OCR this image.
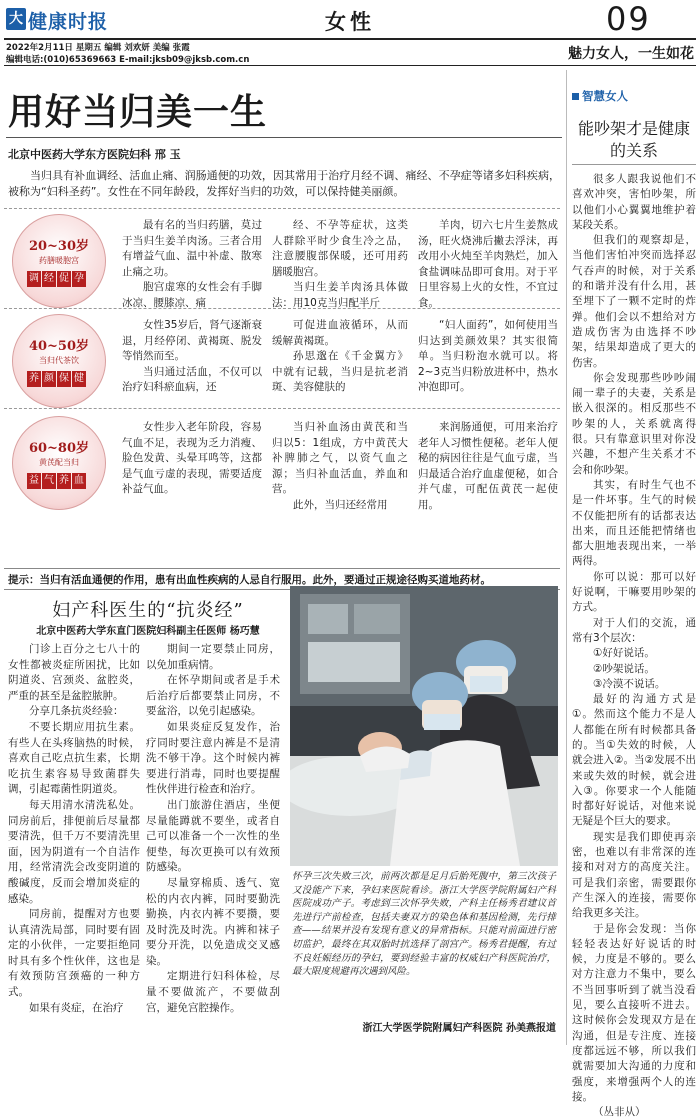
大 健康时报	女性	09
2022年2月11日 星期五 编辑 刘欢妍 美编 张霞
编辑电话:(010)65369663 E-mail:jksb09@jksb.com.cn	魅力女人，一生如花
用好当归美一生
北京中医药大学东方医院妇科 邢 玉
当归具有补血调经、活血止痛、润肠通便的功效，因其常用于治疗月经不调、痛经、不孕症等诸多妇科疾病，被称为“妇科圣药”。女性在不同年龄段，发挥好当归的功效，可以保持健美丽颜。
20~30岁
药膳暖胞宫
调 经 促 孕

最有名的当归药膳，莫过于当归生姜羊肉汤。三者合用有增益气血、温中补虚、散寒止痛之功。

胞宫虚寒的女性会有手脚冰凉、腰膝凉、痛

经、不孕等症状，这类人群除平时少食生冷之品，注意腰腹部保暖，还可用药膳暖胞宫。

当归生姜羊肉汤具体做法：用10克当归配半斤

羊肉，切六七片生姜熬成汤，旺火烧沸后撇去浮沫，再改用小火炖至羊肉熟烂，加入食盐调味品即可食用。对于平日里容易上火的女性，不宜过食。

40~50岁
当归代茶饮
养 颜 保 健

女性35岁后，肾气逐渐衰退，月经停闭、黄褐斑、脱发等悄然而至。

当归通过活血，不仅可以治疗妇科瘀血病，还

可促进血液循环，从而缓解黄褐斑。

孙思邈在《千金翼方》中就有记载，当归是抗老消斑、美容健肤的

“妇人面药”，如何使用当归达到美颜效果？其实很简单。当归粉泡水就可以。将2~3克当归粉放进杯中，热水冲泡即可。

60~80岁
黄芪配当归
益 气 养 血

女性步入老年阶段，容易气血不足，表现为乏力消瘦、脸色发黄、头晕耳鸣等，这都是气血亏虚的表现，需要适度补益气血。

当归补血汤由黄芪和当归以5：1组成，方中黄芪大补脾肺之气，以资气血之源；当归补血活血，养血和营。

此外，当归还经常用

来润肠通便，可用来治疗老年人习惯性便秘。老年人便秘的病因往往是气血亏虚，当归最适合治疗血虚便秘，如合并气虚，可配伍黄芪一起使用。

提示：当归有活血通便的作用，患有出血性疾病的人忌自行服用。此外，要通过正规途径购买道地药材。
妇产科医生的“抗炎经”
北京中医药大学东直门医院妇科副主任医师 杨巧慧

门诊上百分之七八十的女性都被炎症所困扰，比如阴道炎、宫颈炎、盆腔炎，严重的甚至是盆腔脓肿。

分享几条抗炎经验：

不要长期应用抗生素。有些人在头疼脑热的时候，喜欢自己吃点抗生素，长期吃抗生素容易导致菌群失调，引起霉菌性阴道炎。

每天用清水清洗私处。同房前后，排便前后尽量都要清洗，但千万不要清洗里面，因为阴道有一个自洁作用，经常清洗会改变阴道的酸碱度，反而会增加炎症的感染。

同房前，提醒对方也要认真清洗局部，同时要有固定的小伙伴，一定要拒绝同时具有多个性伙伴，这也是有效预防宫颈癌的一种方式。

如果有炎症，在治疗

期间一定要禁止同房，以免加重病情。

在怀孕期间或者是手术后治疗后都要禁止同房，不要盆浴，以免引起感染。

如果炎症反复发作，治疗同时要注意内裤是不是清洗不够干净。这个时候内裤要进行消毒，同时也要提醒性伙伴进行检查和治疗。

出门旅游住酒店，坐便尽量能蹲就不要坐，或者自己可以准备一个一次性的坐便垫，每次更换可以有效预防感染。

尽量穿棉质、透气、宽松的内衣内裤，同时要勤洗勤换，内衣内裤不要攒，要及时洗及时洗。内裤和袜子要分开洗，以免造成交叉感染。

定期进行妇科体检，尽量不要做流产，不要做刮宫，避免宫腔操作。

怀孕三次失败三次，前两次都是足月后胎死腹中，第三次孩子又没能产下来，孕妇来医院看诊。浙江大学医学院附属妇产科医院成功产子。考虑到三次怀孕失败，产科主任杨秀君建议首先进行产前检查，包括夫妻双方的染色体和基因检测，先行排查——结果并没有发现有意义的异常指标。只能对前面进行密切监护，最终在其双胎时抗选择了剖宫产。杨秀君提醒，有过不良妊娠经历的孕妇，要到经验丰富的权威妇产科医院治疗，最大限度规避再次遇到风险。
浙江大学医学院附属妇产科医院 孙美燕报道
智慧女人
能吵架才是健康的关系

很多人跟我说他们不喜欢冲突，害怕吵架，所以他们小心翼翼地维护着某段关系。

但我们的观察却是，当他们害怕冲突而选择忍气吞声的时候，对于关系的和谐并没有什么用，甚至埋下了一颗不定时的炸弹。他们会以不想给对方造成伤害为由选择不吵架，结果却造成了更大的伤害。

你会发现那些吵吵闹闹一辈子的夫妻，关系是嵌入很深的。相反那些不吵架的人，关系就离得很。只有靠意识里对你没兴趣，不想产生关系才不会和你吵架。

其实，有时生气也不是一件坏事。生气的时候不仅能把所有的话都表达出来，而且还能把情绪也都大胆地表现出来，一举两得。

你可以说：那可以好好说啊，干嘛要用吵架的方式。

对于人们的交流，通常有3个层次：

①好好说话。

②吵架说话。

③冷漠不说话。

最好的沟通方式是①。然而这个能力不是人人都能在所有时候都具备的。当①失效的时候，人就会进入②。当②发展不出来或失效的时候，就会进入③。你要求一个人能随时都好好说话，对他来说无疑是个巨大的要求。

现实是我们即使再亲密，也难以有非常深的连接和对对方的高度关注。可是我们亲密，需要跟你产生深入的连接，需要你给我更多关注。

于是你会发现：当你轻轻表达好好说话的时候，力度是不够的。要么对方注意力不集中，要么不当回事听到了就当没看见，要么直接听不进去。这时候你会发现双方是在沟通，但是专注度、连接度都远远不够，所以我们就需要加大沟通的力度和强度，来增强两个人的连接。

（丛非从）
